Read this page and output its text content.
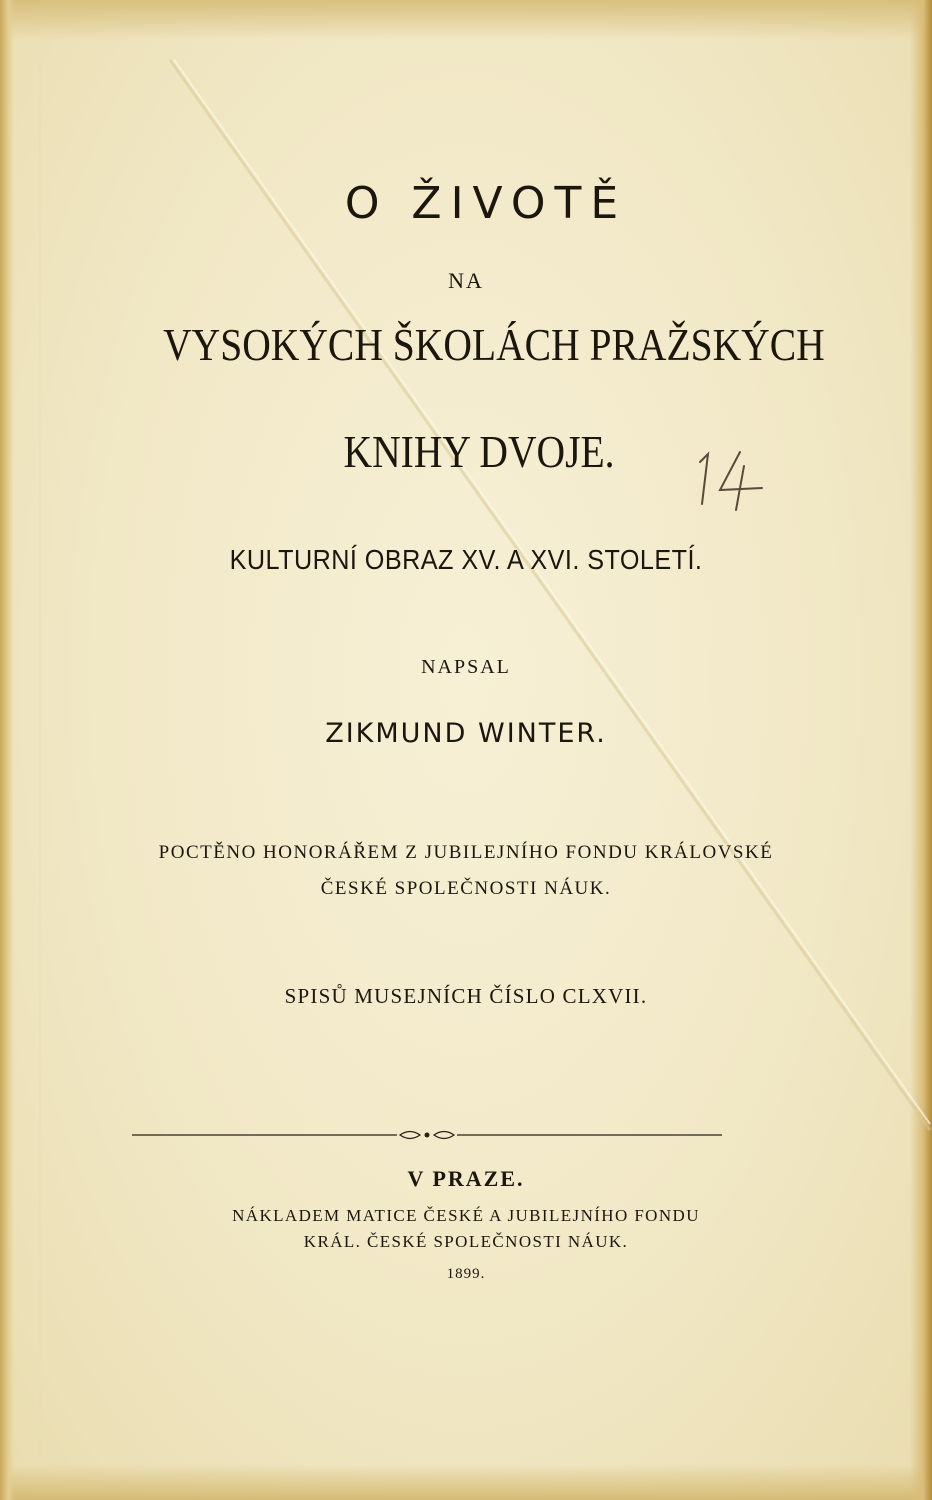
O ŽIVOTĚ
NA
VYSOKÝCH ŠKOLÁCH PRAŽSKÝCH
KNIHY DVOJE.
KULTURNÍ OBRAZ XV. A XVI. STOLETÍ.
NAPSAL
ZIKMUND WINTER.
POCTĚNO HONORÁŘEM Z JUBILEJNÍHO FONDU KRÁLOVSKÉ
ČESKÉ SPOLEČNOSTI NÁUK.
SPISŮ MUSEJNÍCH ČÍSLO CLXVII.
V PRAZE.
NÁKLADEM MATICE ČESKÉ A JUBILEJNÍHO FONDU
KRÁL. ČESKÉ SPOLEČNOSTI NÁUK.
1899.
